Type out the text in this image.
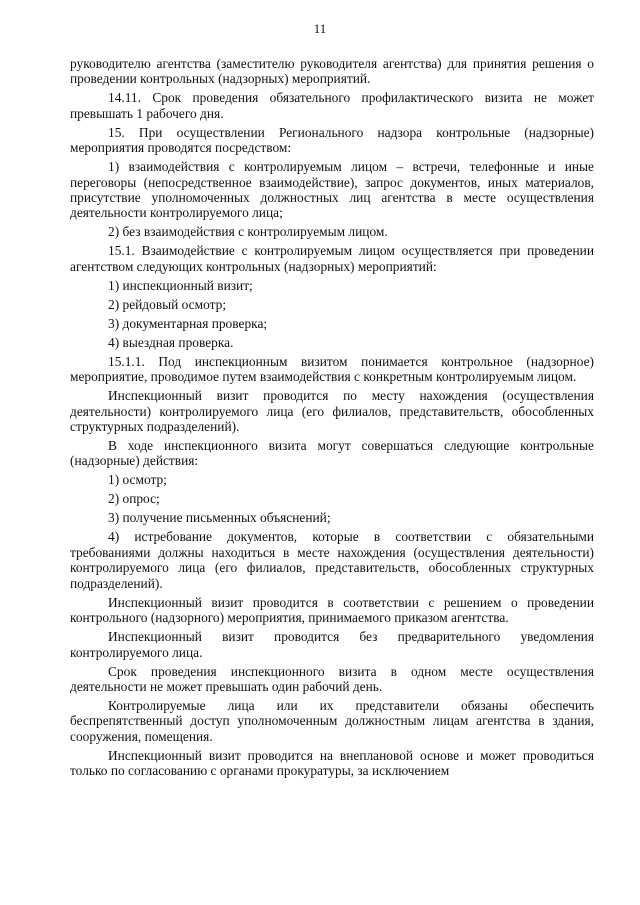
11

руководителю агентства (заместителю руководителя агентства) для принятия решения о проведении контрольных (надзорных) мероприятий.

14.11. Срок проведения обязательного профилактического визита не может превышать 1 рабочего дня.

15. При осуществлении Регионального надзора контрольные (надзорные) мероприятия проводятся посредством:

1) взаимодействия с контролируемым лицом – встречи, телефонные и иные переговоры (непосредственное взаимодействие), запрос документов, иных материалов, присутствие уполномоченных должностных лиц агентства в месте осуществления деятельности контролируемого лица;

2) без взаимодействия с контролируемым лицом.

15.1. Взаимодействие с контролируемым лицом осуществляется при проведении агентством следующих контрольных (надзорных) мероприятий:

1) инспекционный визит;

2) рейдовый осмотр;

3) документарная проверка;

4) выездная проверка.

15.1.1. Под инспекционным визитом понимается контрольное (надзорное) мероприятие, проводимое путем взаимодействия с конкретным контролируемым лицом.

Инспекционный визит проводится по месту нахождения (осуществления деятельности) контролируемого лица (его филиалов, представительств, обособленных структурных подразделений).

В ходе инспекционного визита могут совершаться следующие контрольные (надзорные) действия:

1) осмотр;

2) опрос;

3) получение письменных объяснений;

4) истребование документов, которые в соответствии с обязательными требованиями должны находиться в месте нахождения (осуществления деятельности) контролируемого лица (его филиалов, представительств, обособленных структурных подразделений).

Инспекционный визит проводится в соответствии с решением о проведении контрольного (надзорного) мероприятия, принимаемого приказом агентства.

Инспекционный визит проводится без предварительного уведомления контролируемого лица.

Срок проведения инспекционного визита в одном месте осуществления деятельности не может превышать один рабочий день.

Контролируемые лица или их представители обязаны обеспечить беспрепятственный доступ уполномоченным должностным лицам агентства в здания, сооружения, помещения.

Инспекционный визит проводится на внеплановой основе и может проводиться только по согласованию с органами прокуратуры, за исключением
